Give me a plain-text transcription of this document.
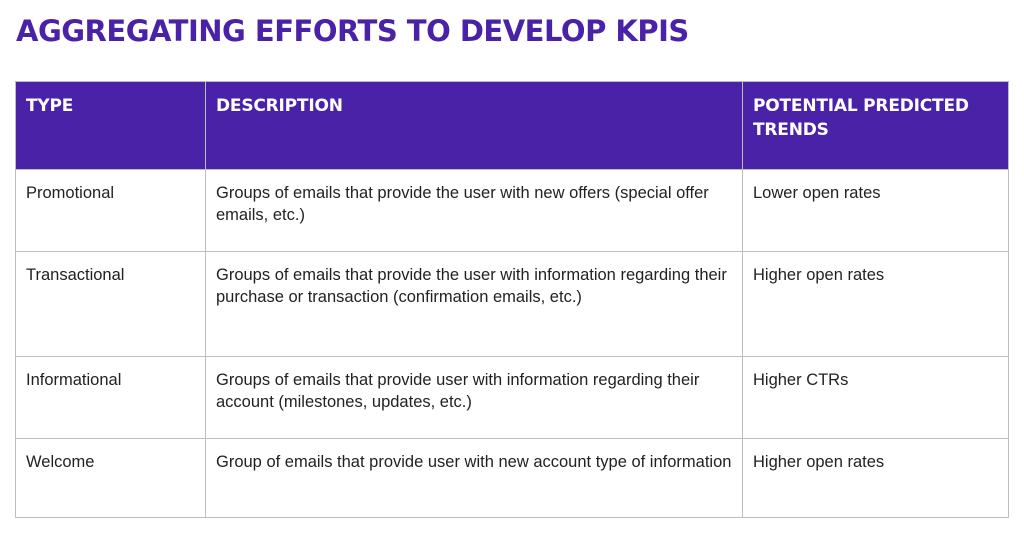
AGGREGATING EFFORTS TO DEVELOP KPIS
TYPE	DESCRIPTION	POTENTIAL PREDICTED TRENDS
Promotional	Groups of emails that provide the user with new offers (special offer emails, etc.)	Lower open rates
Transactional	Groups of emails that provide the user with information regarding their purchase or transaction (confirmation emails, etc.)	Higher open rates
Informational	Groups of emails that provide user with information regarding their account (milestones, updates, etc.)	Higher CTRs
Welcome	Group of emails that provide user with new account type of information	Higher open rates
